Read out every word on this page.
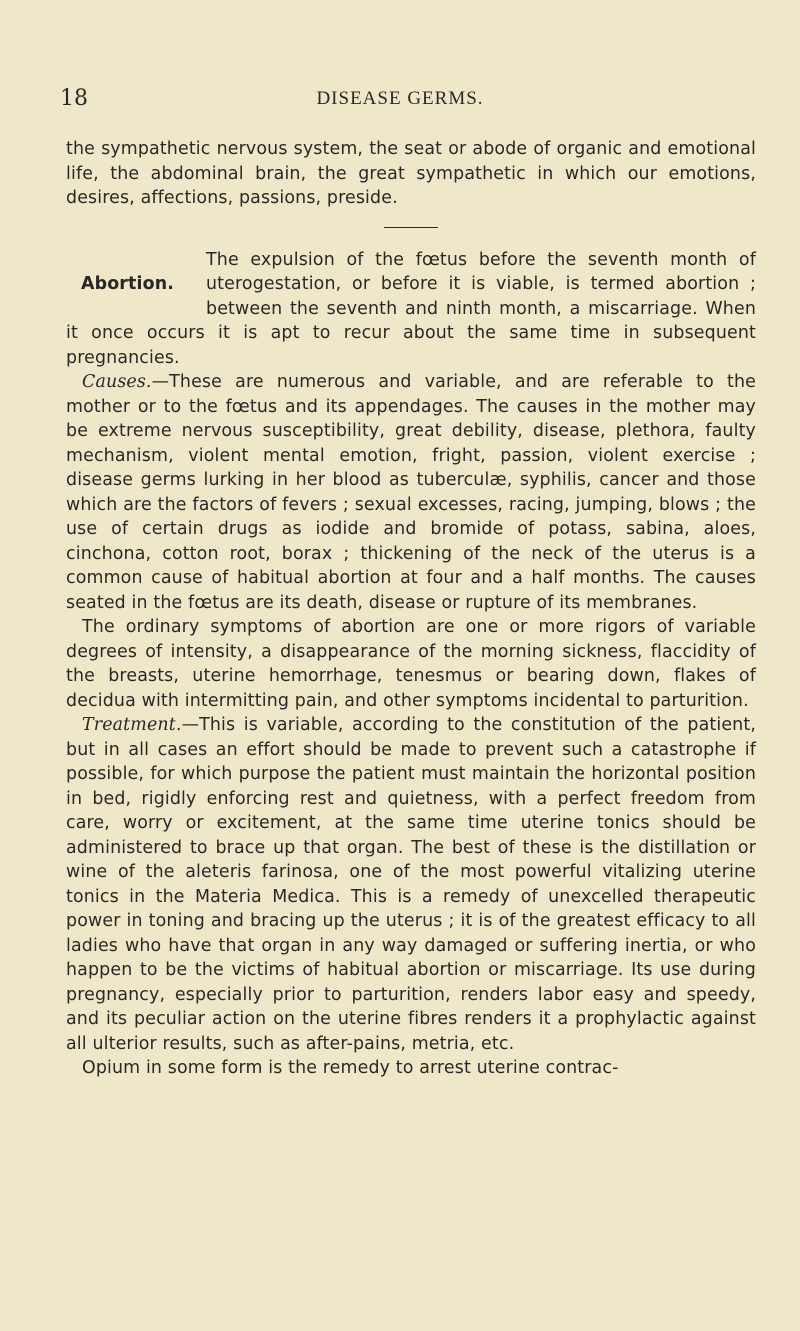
18	DISEASE GERMS.

the sympathetic nervous system, the seat or abode of organic and emotional life, the abdominal brain, the great sympathetic in which our emotions, desires, affections, passions, preside.

Abortion.

The expulsion of the fœtus before the seventh month of uterogestation, or before it is viable, is termed abortion ; between the seventh and ninth month, a miscarriage. When it once occurs it is apt to recur about the same time in subsequent pregnancies.

Causes.—These are numerous and variable, and are referable to the mother or to the fœtus and its appendages. The causes in the mother may be extreme nervous susceptibility, great debility, disease, plethora, faulty mechanism, violent mental emotion, fright, passion, violent exercise ; disease germs lurking in her blood as tuberculæ, syphilis, cancer and those which are the factors of fevers ; sexual excesses, racing, jumping, blows ; the use of certain drugs as iodide and bromide of potass, sabina, aloes, cinchona, cotton root, borax ; thickening of the neck of the uterus is a common cause of habitual abortion at four and a half months. The causes seated in the fœtus are its death, disease or rupture of its membranes.

The ordinary symptoms of abortion are one or more rigors of variable degrees of intensity, a disappearance of the morning sickness, flaccidity of the breasts, uterine hemorrhage, tenesmus or bearing down, flakes of decidua with intermitting pain, and other symptoms incidental to parturition.

Treatment.—This is variable, according to the constitution of the patient, but in all cases an effort should be made to prevent such a catastrophe if possible, for which purpose the patient must maintain the horizontal position in bed, rigidly enforcing rest and quietness, with a perfect freedom from care, worry or excitement, at the same time uterine tonics should be administered to brace up that organ. The best of these is the distillation or wine of the aleteris farinosa, one of the most powerful vitalizing uterine tonics in the Materia Medica. This is a remedy of unexcelled therapeutic power in toning and bracing up the uterus ; it is of the greatest efficacy to all ladies who have that organ in any way damaged or suffering inertia, or who happen to be the victims of habitual abortion or miscarriage. Its use during pregnancy, especially prior to parturition, renders labor easy and speedy, and its peculiar action on the uterine fibres renders it a prophylactic against all ulterior results, such as after-pains, metria, etc.

Opium in some form is the remedy to arrest uterine contrac-
